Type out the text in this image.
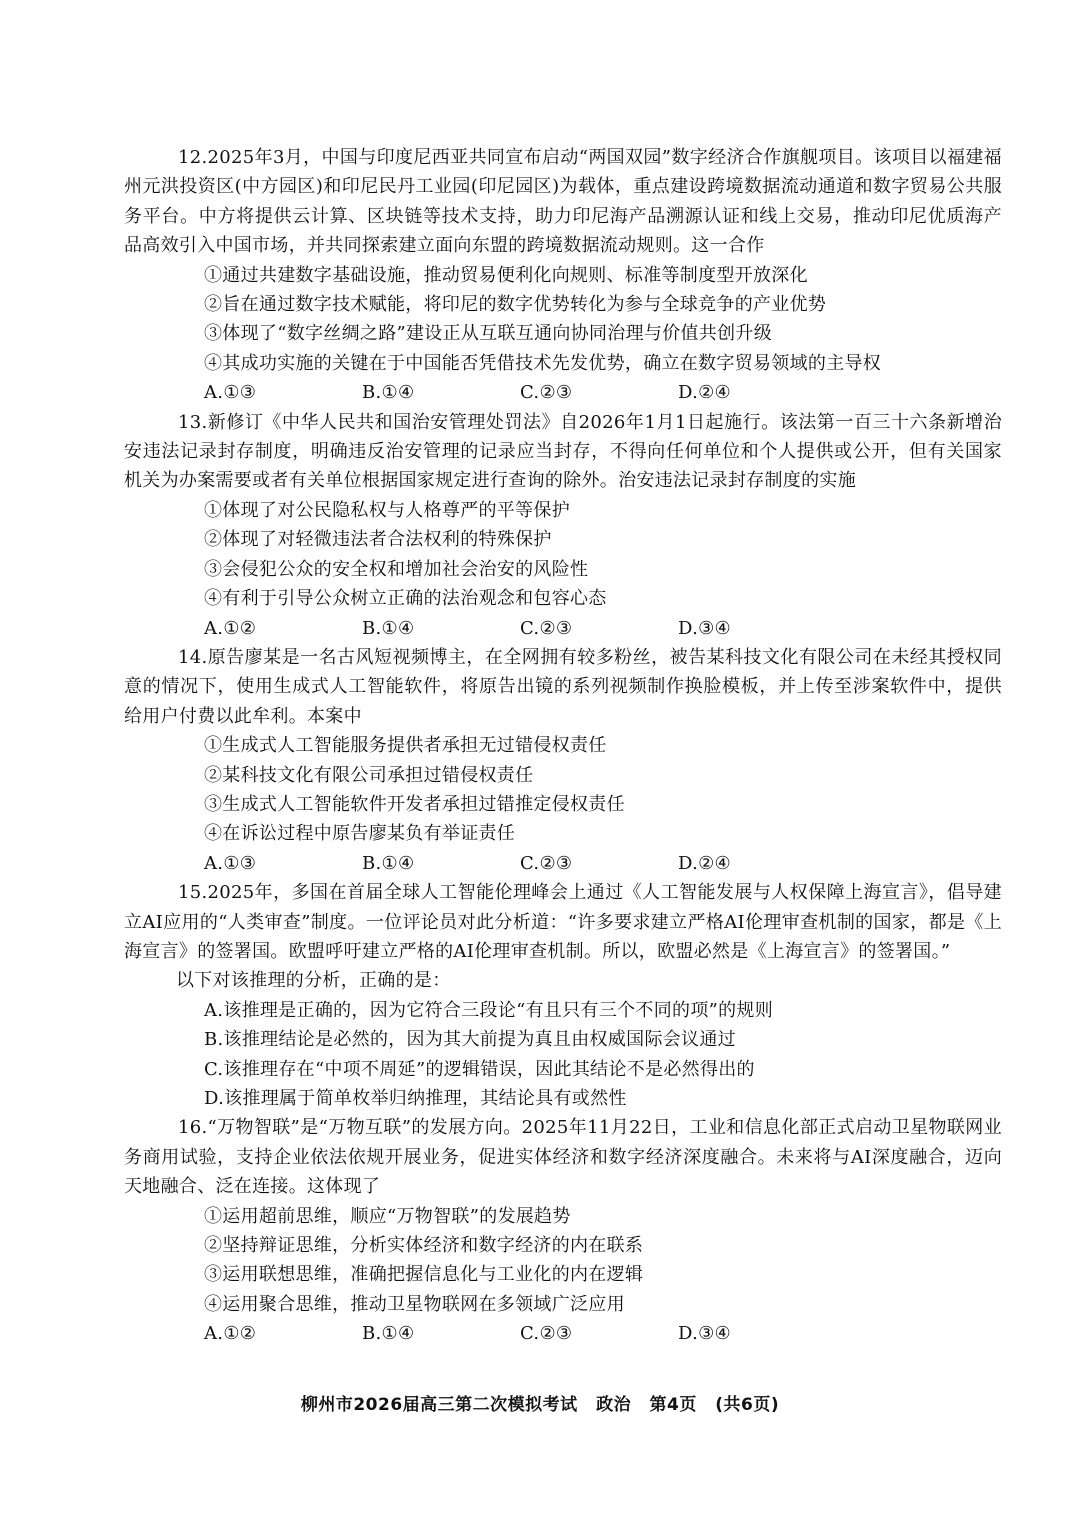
12.2025年3月，中国与印度尼西亚共同宣布启动“两国双园”数字经济合作旗舰项目。该项目以福建福州元洪投资区(中方园区)和印尼民丹工业园(印尼园区)为载体，重点建设跨境数据流动通道和数字贸易公共服务平台。中方将提供云计算、区块链等技术支持，助力印尼海产品溯源认证和线上交易，推动印尼优质海产品高效引入中国市场，并共同探索建立面向东盟的跨境数据流动规则。这一合作
①通过共建数字基础设施，推动贸易便利化向规则、标准等制度型开放深化
②旨在通过数字技术赋能，将印尼的数字优势转化为参与全球竞争的产业优势
③体现了“数字丝绸之路”建设正从互联互通向协同治理与价值共创升级
④其成功实施的关键在于中国能否凭借技术先发优势，确立在数字贸易领域的主导权
A.①③	B.①④	C.②③	D.②④
13.新修订《中华人民共和国治安管理处罚法》自2026年1月1日起施行。该法第一百三十六条新增治安违法记录封存制度，明确违反治安管理的记录应当封存，不得向任何单位和个人提供或公开，但有关国家机关为办案需要或者有关单位根据国家规定进行查询的除外。治安违法记录封存制度的实施
①体现了对公民隐私权与人格尊严的平等保护
②体现了对轻微违法者合法权利的特殊保护
③会侵犯公众的安全权和增加社会治安的风险性
④有利于引导公众树立正确的法治观念和包容心态
A.①②	B.①④	C.②③	D.③④
14.原告廖某是一名古风短视频博主，在全网拥有较多粉丝，被告某科技文化有限公司在未经其授权同意的情况下，使用生成式人工智能软件，将原告出镜的系列视频制作换脸模板，并上传至涉案软件中，提供给用户付费以此牟利。本案中
①生成式人工智能服务提供者承担无过错侵权责任
②某科技文化有限公司承担过错侵权责任
③生成式人工智能软件开发者承担过错推定侵权责任
④在诉讼过程中原告廖某负有举证责任
A.①③	B.①④	C.②③	D.②④
15.2025年，多国在首届全球人工智能伦理峰会上通过《人工智能发展与人权保障上海宣言》，倡导建立AI应用的“人类审查”制度。一位评论员对此分析道：“许多要求建立严格AI伦理审查机制的国家，都是《上海宣言》的签署国。欧盟呼吁建立严格的AI伦理审查机制。所以，欧盟必然是《上海宣言》的签署国。”
以下对该推理的分析，正确的是：
A.该推理是正确的，因为它符合三段论“有且只有三个不同的项”的规则
B.该推理结论是必然的，因为其大前提为真且由权威国际会议通过
C.该推理存在“中项不周延”的逻辑错误，因此其结论不是必然得出的
D.该推理属于简单枚举归纳推理，其结论具有或然性
16.“万物智联”是“万物互联”的发展方向。2025年11月22日，工业和信息化部正式启动卫星物联网业务商用试验，支持企业依法依规开展业务，促进实体经济和数字经济深度融合。未来将与AI深度融合，迈向天地融合、泛在连接。这体现了
①运用超前思维，顺应“万物智联”的发展趋势
②坚持辩证思维，分析实体经济和数字经济的内在联系
③运用联想思维，准确把握信息化与工业化的内在逻辑
④运用聚合思维，推动卫星物联网在多领域广泛应用
A.①②	B.①④	C.②③	D.③④
柳州市2026届高三第二次模拟考试 政治 第4页 (共6页)
